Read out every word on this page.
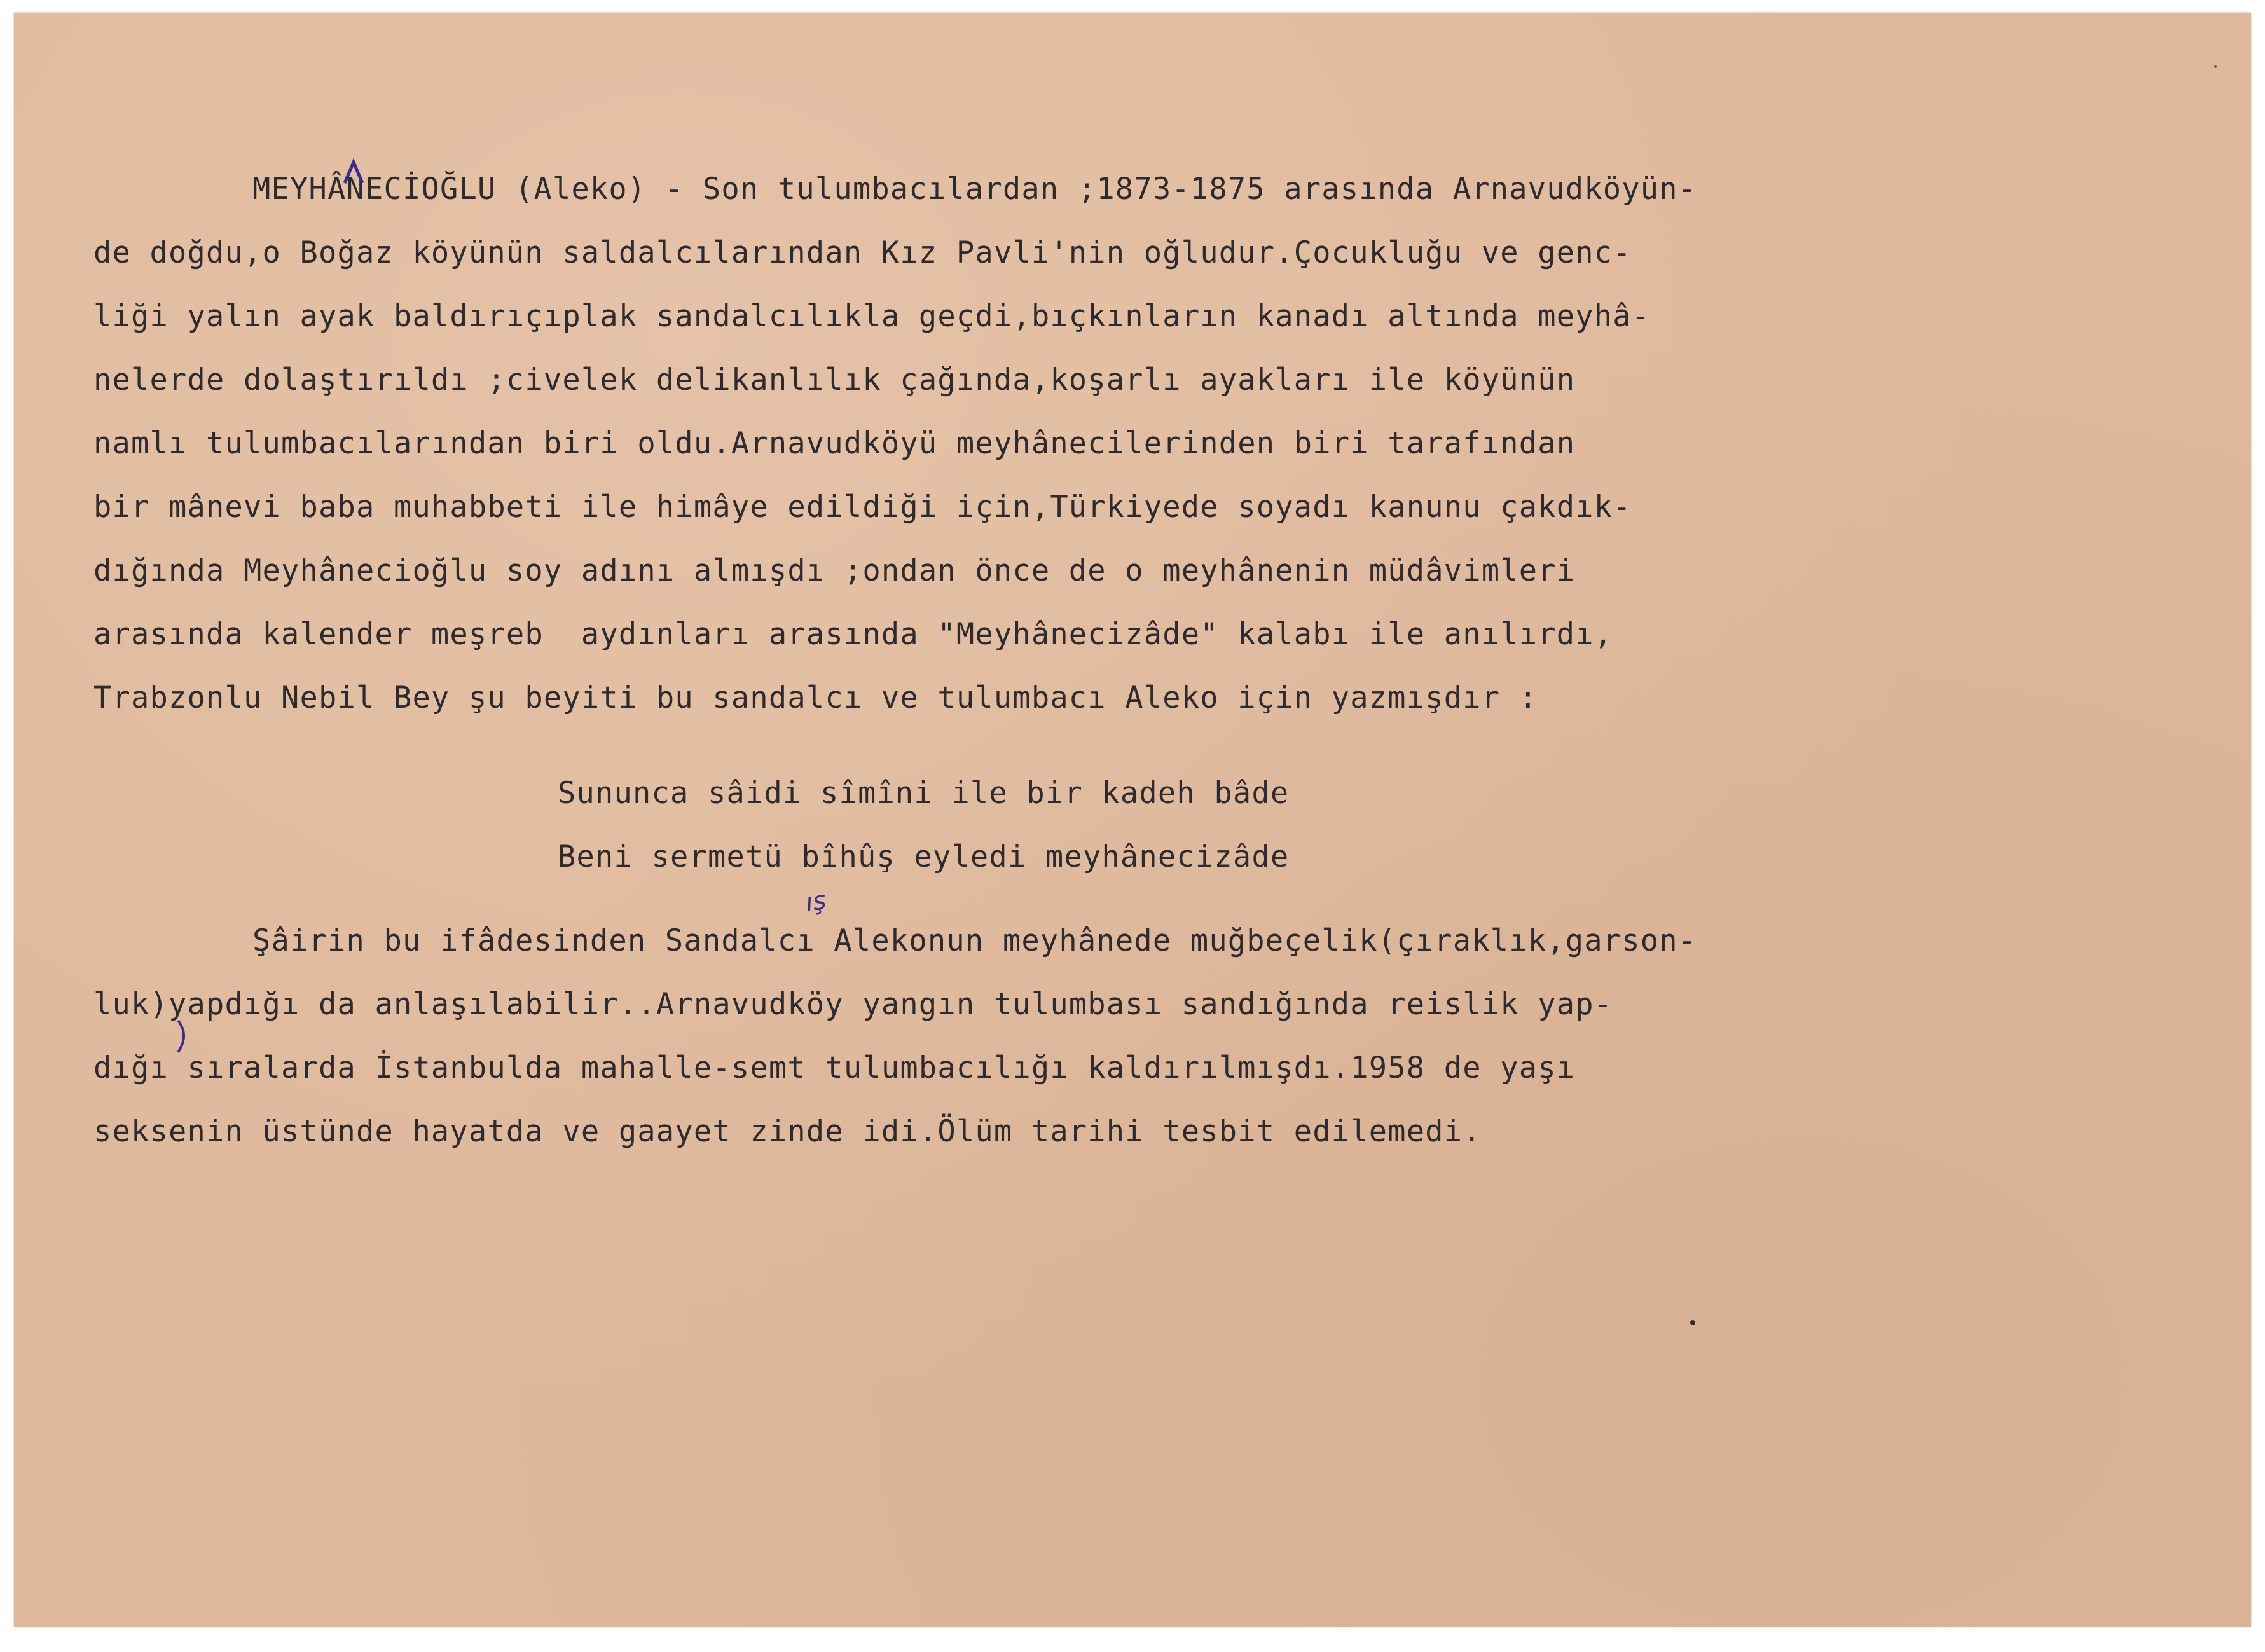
MEYHÂNECİOĞLU (Aleko) - Son tulumbacılardan ;1873-1875 arasında Arnavudköyün-
de doğdu,o Boğaz köyünün saldalcılarından Kız Pavli'nin oğludur.Çocukluğu ve genc-
liği yalın ayak baldırıçıplak sandalcılıkla geçdi,bıçkınların kanadı altında meyhâ-
nelerde dolaştırıldı ;civelek delikanlılık çağında,koşarlı ayakları ile köyünün
namlı tulumbacılarından biri oldu.Arnavudköyü meyhânecilerinden biri tarafından
bir mânevi baba muhabbeti ile himâye edildiği için,Türkiyede soyadı kanunu çakdık-
dığında Meyhânecioğlu soy adını almışdı ;ondan önce de o meyhânenin müdâvimleri
arasında kalender meşreb  aydınları arasında "Meyhânecizâde" kalabı ile anılırdı,
Trabzonlu Nebil Bey şu beyiti bu sandalcı ve tulumbacı Aleko için yazmışdır :
Sununca sâidi sîmîni ile bir kadeh bâde
Beni sermetü bîhûş eyledi meyhânecizâde
ış
Şâirin bu ifâdesinden Sandalcı Alekonun meyhânede muğbeçelik(çıraklık,garson-
luk)yapdığı da anlaşılabilir..Arnavudköy yangın tulumbası sandığında reislik yap-
dığı sıralarda İstanbulda mahalle-semt tulumbacılığı kaldırılmışdı.1958 de yaşı
seksenin üstünde hayatda ve gaayet zinde idi.Ölüm tarihi tesbit edilemedi.
